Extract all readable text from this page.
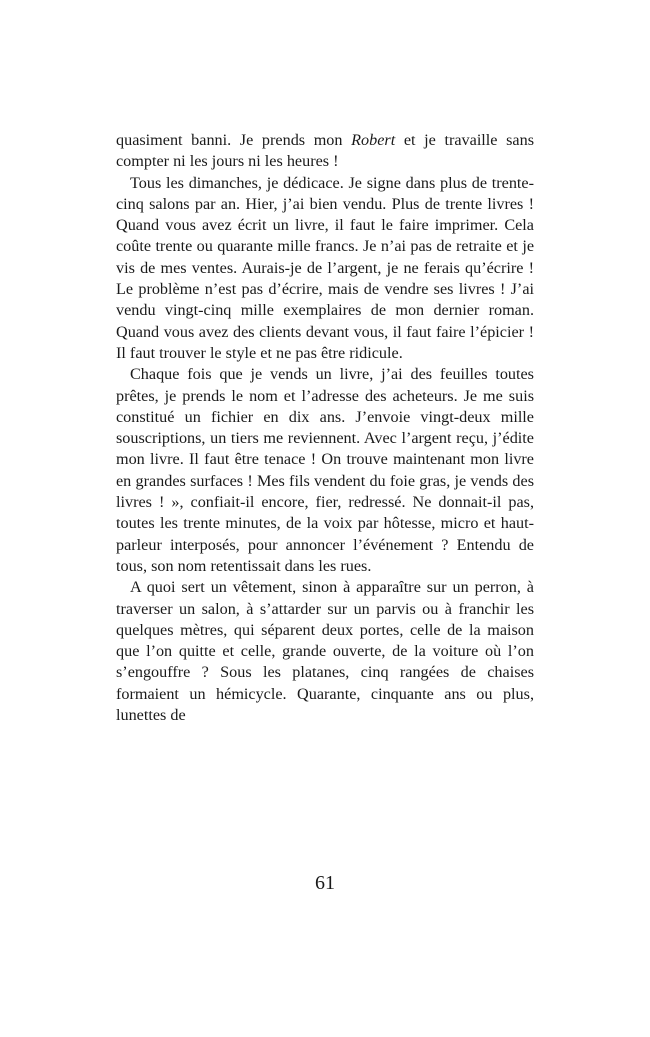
quasiment banni. Je prends mon Robert et je travaille sans compter ni les jours ni les heures !

Tous les dimanches, je dédicace. Je signe dans plus de trente-cinq salons par an. Hier, j’ai bien vendu. Plus de trente livres ! Quand vous avez écrit un livre, il faut le faire imprimer. Cela coûte trente ou quarante mille francs. Je n’ai pas de retraite et je vis de mes ventes. Aurais-je de l’argent, je ne ferais qu’écrire ! Le problème n’est pas d’écrire, mais de vendre ses livres ! J’ai vendu vingt-cinq mille exemplaires de mon dernier roman. Quand vous avez des clients devant vous, il faut faire l’épicier ! Il faut trouver le style et ne pas être ridicule.

Chaque fois que je vends un livre, j’ai des feuilles toutes prêtes, je prends le nom et l’adresse des acheteurs. Je me suis constitué un fichier en dix ans. J’envoie vingt-deux mille souscriptions, un tiers me reviennent. Avec l’argent reçu, j’édite mon livre. Il faut être tenace ! On trouve maintenant mon livre en grandes surfaces ! Mes fils vendent du foie gras, je vends des livres ! », confiait-il encore, fier, redressé. Ne donnait-il pas, toutes les trente minutes, de la voix par hôtesse, micro et haut-parleur interposés, pour annoncer l’événement ? Entendu de tous, son nom retentissait dans les rues.

A quoi sert un vêtement, sinon à apparaître sur un perron, à traverser un salon, à s’attarder sur un parvis ou à franchir les quelques mètres, qui séparent deux portes, celle de la maison que l’on quitte et celle, grande ouverte, de la voiture où l’on s’engouffre ? Sous les platanes, cinq rangées de chaises formaient un hémicycle. Quarante, cinquante ans ou plus, lunettes de

61
